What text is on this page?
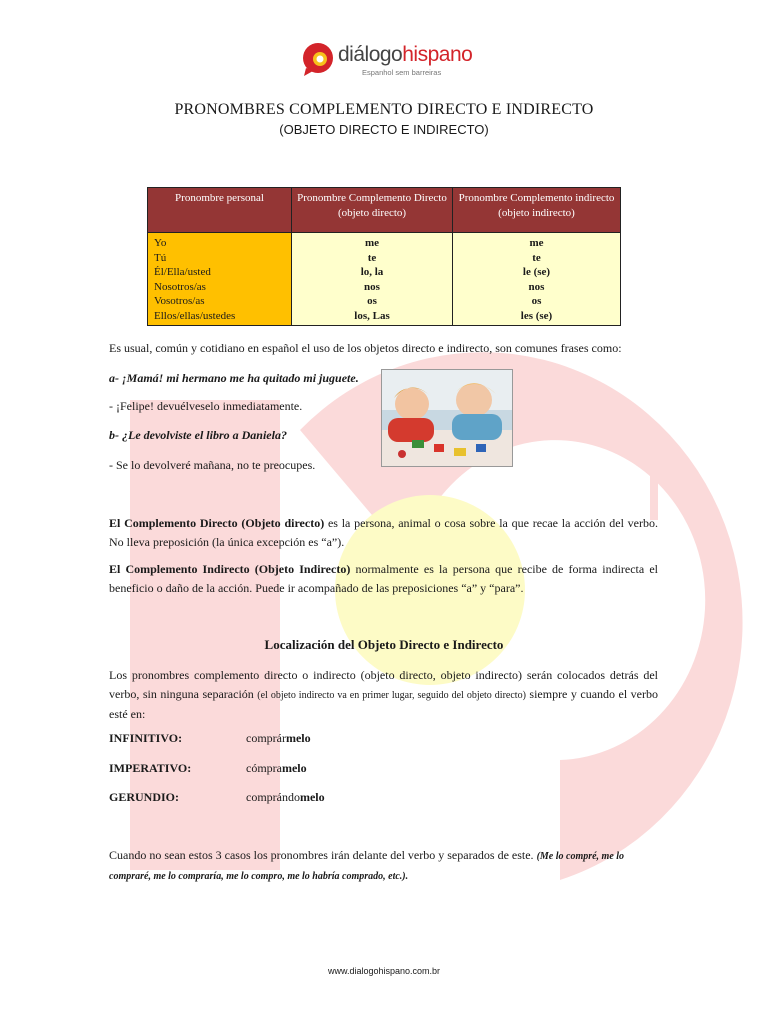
diálogohispano
Espanhol sem barreiras
PRONOMBRES COMPLEMENTO DIRECTO E INDIRECTO
(OBJETO DIRECTO E INDIRECTO)
Pronombre personal	Pronombre Complemento Directo (objeto directo)	Pronombre Complemento indirecto (objeto indirecto)
Yo	me	me
Tú	te	te
Él/Ella/usted	lo, la	le (se)
Nosotros/as	nos	nos
Vosotros/as	os	os
Ellos/ellas/ustedes	los, Las	les (se)
Es usual, común y cotidiano en español el uso de los objetos directo e indirecto, son comunes frases como:
a- ¡Mamá! mi hermano me ha quitado mi juguete.
- ¡Felipe! devuélveselo inmediatamente.
b- ¿Le devolviste el libro a Daniela?
- Se lo devolveré mañana, no te preocupes.
El Complemento Directo (Objeto directo) es la persona, animal o cosa sobre la que recae la acción del verbo. No lleva preposición (la única excepción es “a”).
El Complemento Indirecto (Objeto Indirecto) normalmente es la persona que recibe de forma indirecta el beneficio o daño de la acción. Puede ir acompañado de las preposiciones “a” y “para”.
Localización del Objeto Directo e Indirecto
Los pronombres complemento directo o indirecto (objeto directo, objeto indirecto) serán colocados detrás del verbo, sin ninguna separación (el objeto indirecto va en primer lugar, seguido del objeto directo) siempre y cuando el verbo esté en:
INFINITIVO:	comprármelo
IMPERATIVO:	cómpramelo
GERUNDIO:	comprándomelo
Cuando no sean estos 3 casos los pronombres irán delante del verbo y separados de este. (Me lo compré, me lo compraré, me lo compraría, me lo compro, me lo habría comprado, etc.).
www.dialogohispano.com.br
